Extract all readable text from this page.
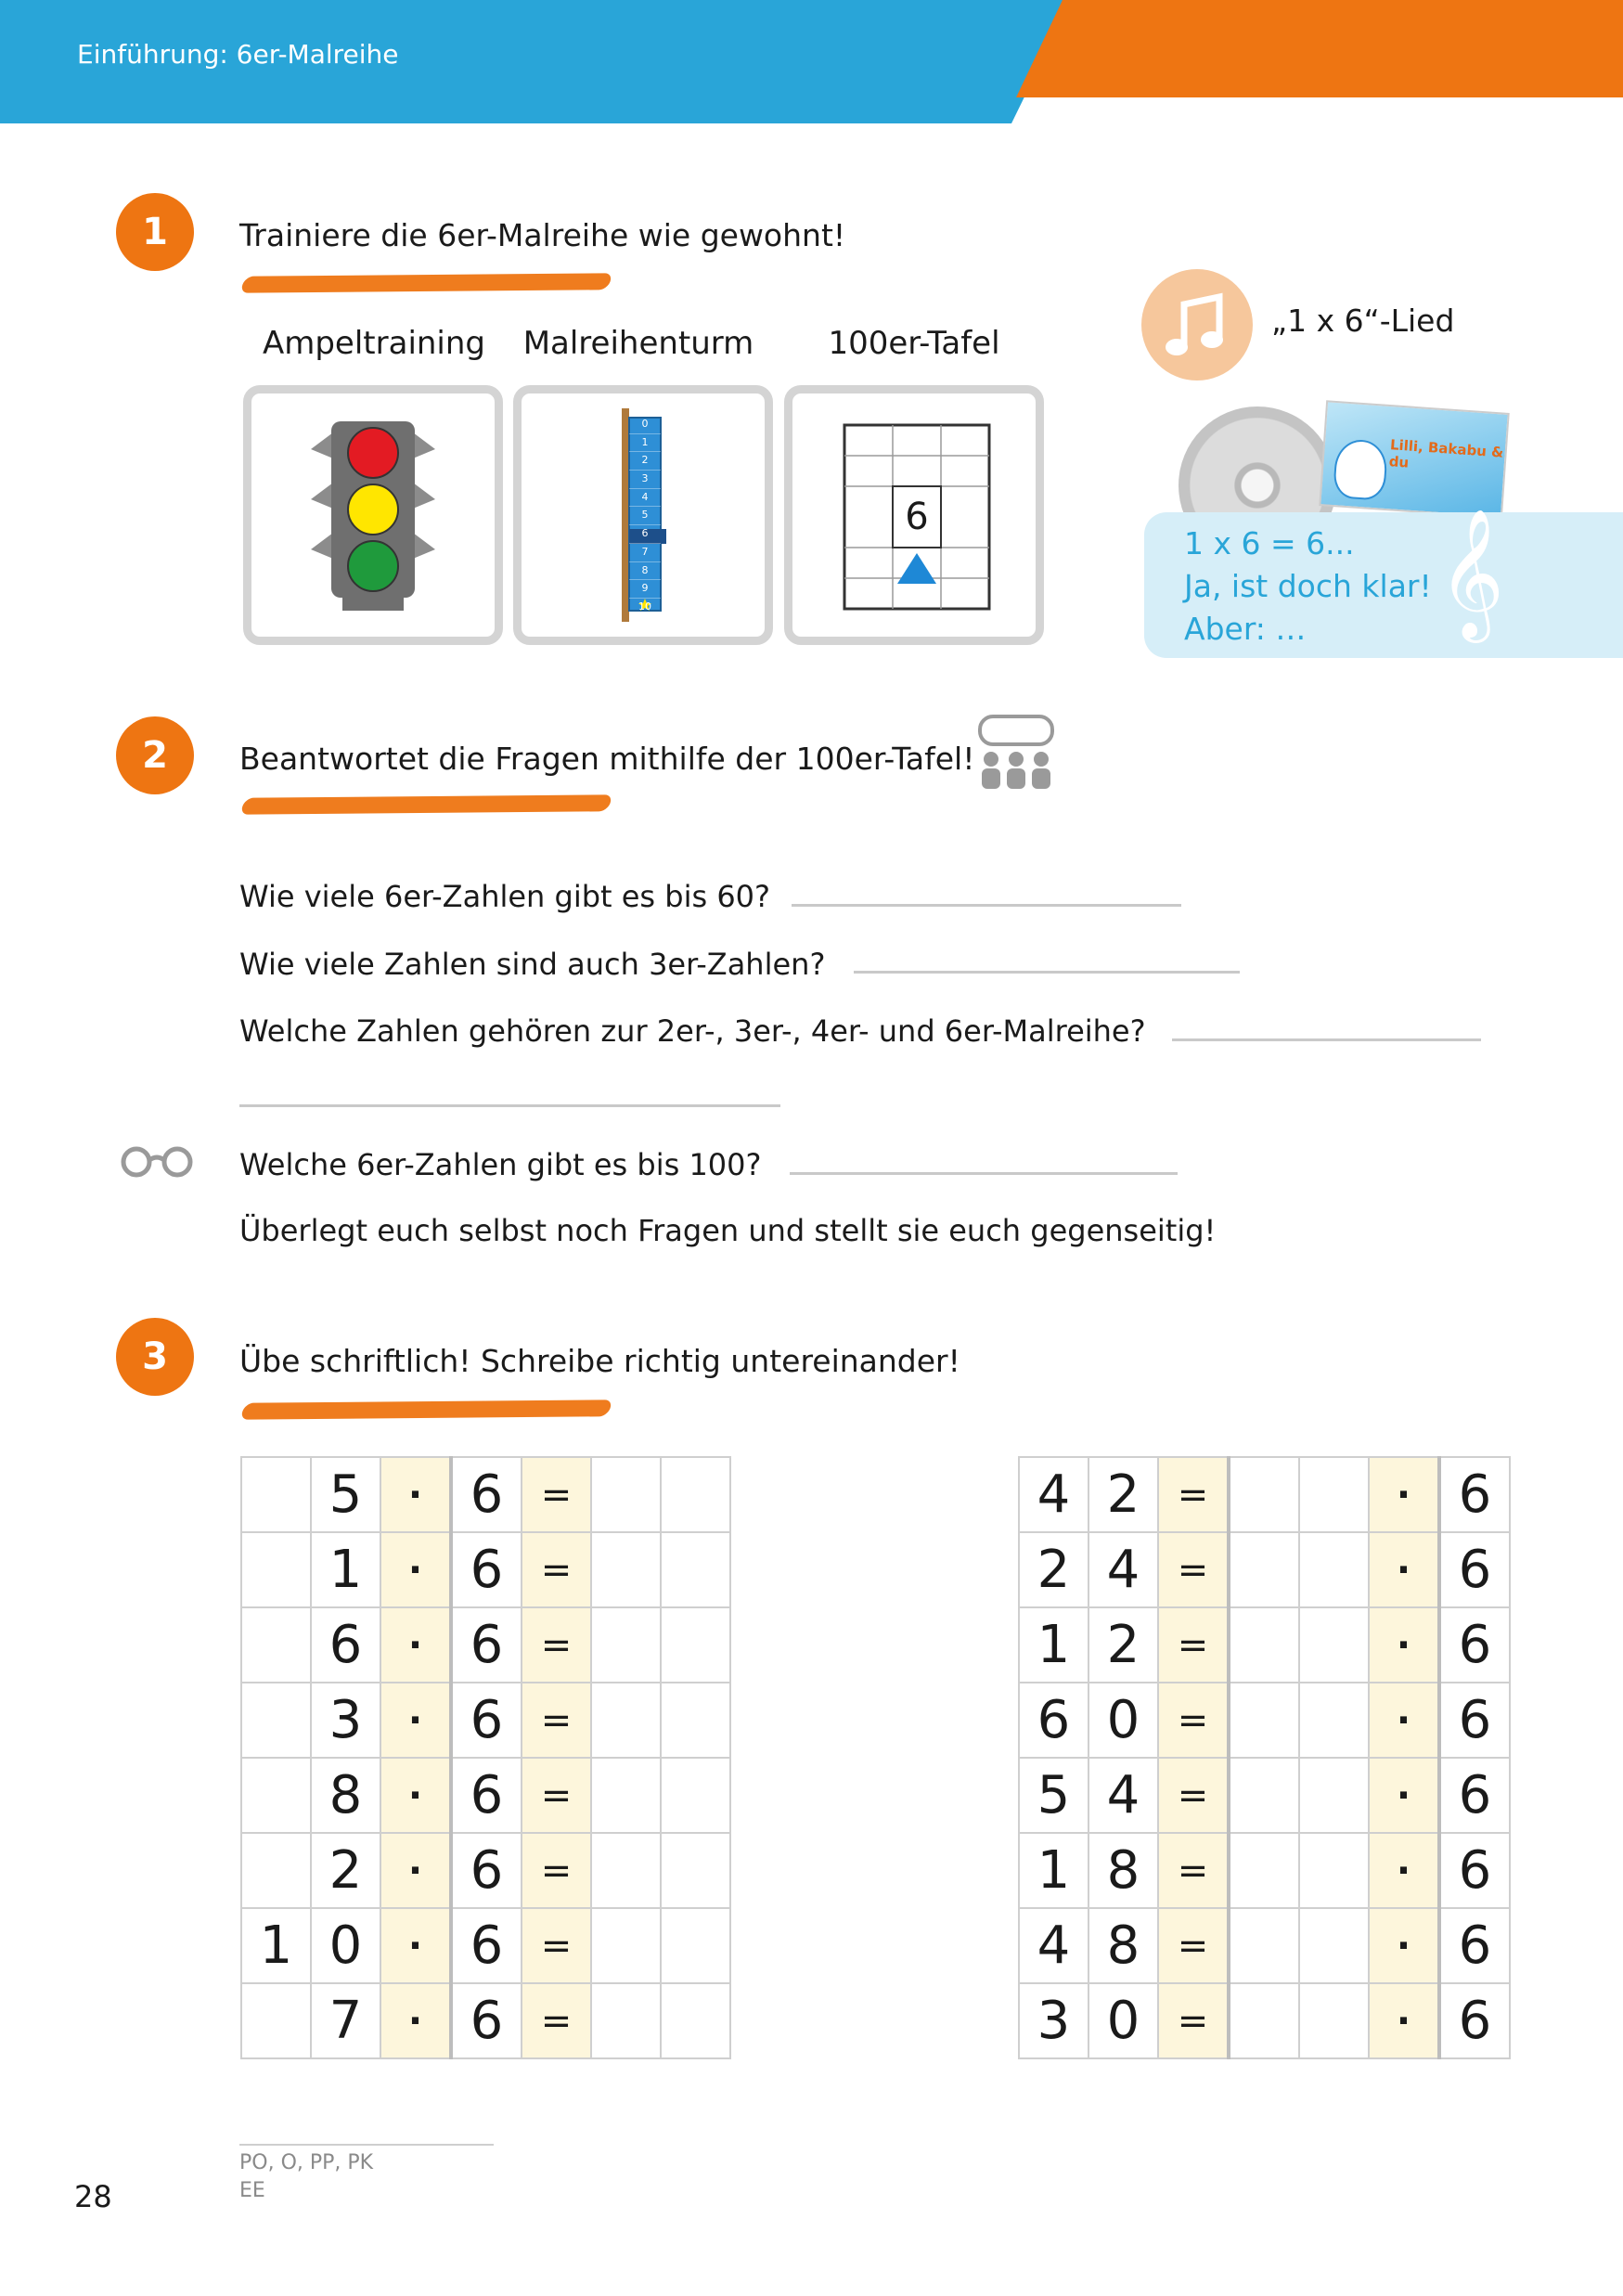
Einführung: 6er-Malreihe
1	Trainiere die 6er-Malreihe wie gewohnt!
Ampeltraining	Malreihenturm	100er-Tafel
0
1
2
3
4
5
6
7
8
9
10
6
„1 x 6“-Lied
Lilli, Bakabu & du
1 x 6 = 6...
Ja, ist doch klar!
Aber: … 𝄞
2	Beantwortet die Fragen mithilfe der 100er-Tafel!
Wie viele 6er-Zahlen gibt es bis 60?
Wie viele Zahlen sind auch 3er-Zahlen?
Welche Zahlen gehören zur 2er-, 3er-, 4er- und 6er-Malreihe?
Welche 6er-Zahlen gibt es bis 100?
Überlegt euch selbst noch Fragen und stellt sie euch gegenseitig!
3	Übe schriftlich! Schreibe richtig untereinander!
	5	·	6	=		
	1	·	6	=		
	6	·	6	=		
	3	·	6	=		
	8	·	6	=		
	2	·	6	=		
1	0	·	6	=		
	7	·	6	=		
4	2	=			·	6
2	4	=			·	6
1	2	=			·	6
6	0	=			·	6
5	4	=			·	6
1	8	=			·	6
4	8	=			·	6
3	0	=			·	6
PO, O, PP, PK
EE
28
